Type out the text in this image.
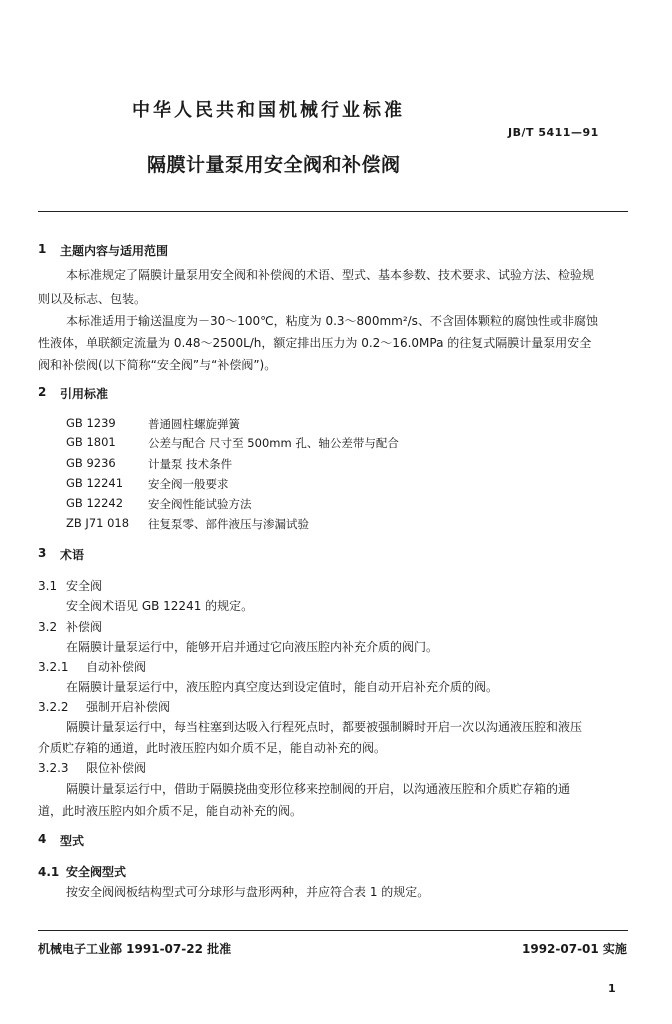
中华人民共和国机械行业标准
JB/T 5411—91
隔膜计量泵用安全阀和补偿阀
1 主题内容与适用范围
本标准规定了隔膜计量泵用安全阀和补偿阀的术语、型式、基本参数、技术要求、试验方法、检验规
则以及标志、包装。
本标准适用于输送温度为－30～100℃，粘度为 0.3～800mm²/s、不含固体颗粒的腐蚀性或非腐蚀
性液体，单联额定流量为 0.48～2500L/h，额定排出压力为 0.2～16.0MPa 的往复式隔膜计量泵用安全
阀和补偿阀(以下简称“安全阀”与“补偿阀”)。
2 引用标准
GB 1239	普通圆柱螺旋弹簧
GB 1801	公差与配合 尺寸至 500mm 孔、轴公差带与配合
GB 9236	计量泵 技术条件
GB 12241 安全阀一般要求
GB 12242 安全阀性能试验方法
ZB J71 018 往复泵零、部件液压与渗漏试验
3 术语
3.1 安全阀
安全阀术语见 GB 12241 的规定。
3.2 补偿阀
在隔膜计量泵运行中，能够开启并通过它向液压腔内补充介质的阀门。
3.2.1 自动补偿阀
在隔膜计量泵运行中，液压腔内真空度达到设定值时，能自动开启补充介质的阀。
3.2.2 强制开启补偿阀
隔膜计量泵运行中，每当柱塞到达吸入行程死点时，都要被强制瞬时开启一次以沟通液压腔和液压
介质贮存箱的通道，此时液压腔内如介质不足，能自动补充的阀。
3.2.3 限位补偿阀
隔膜计量泵运行中，借助于隔膜挠曲变形位移来控制阀的开启，以沟通液压腔和介质贮存箱的通
道，此时液压腔内如介质不足，能自动补充的阀。
4 型式
4.1 安全阀型式
按安全阀阀板结构型式可分球形与盘形两种，并应符合表 1 的规定。
机械电子工业部 1991-07-22 批准	1992-07-01 实施
1
